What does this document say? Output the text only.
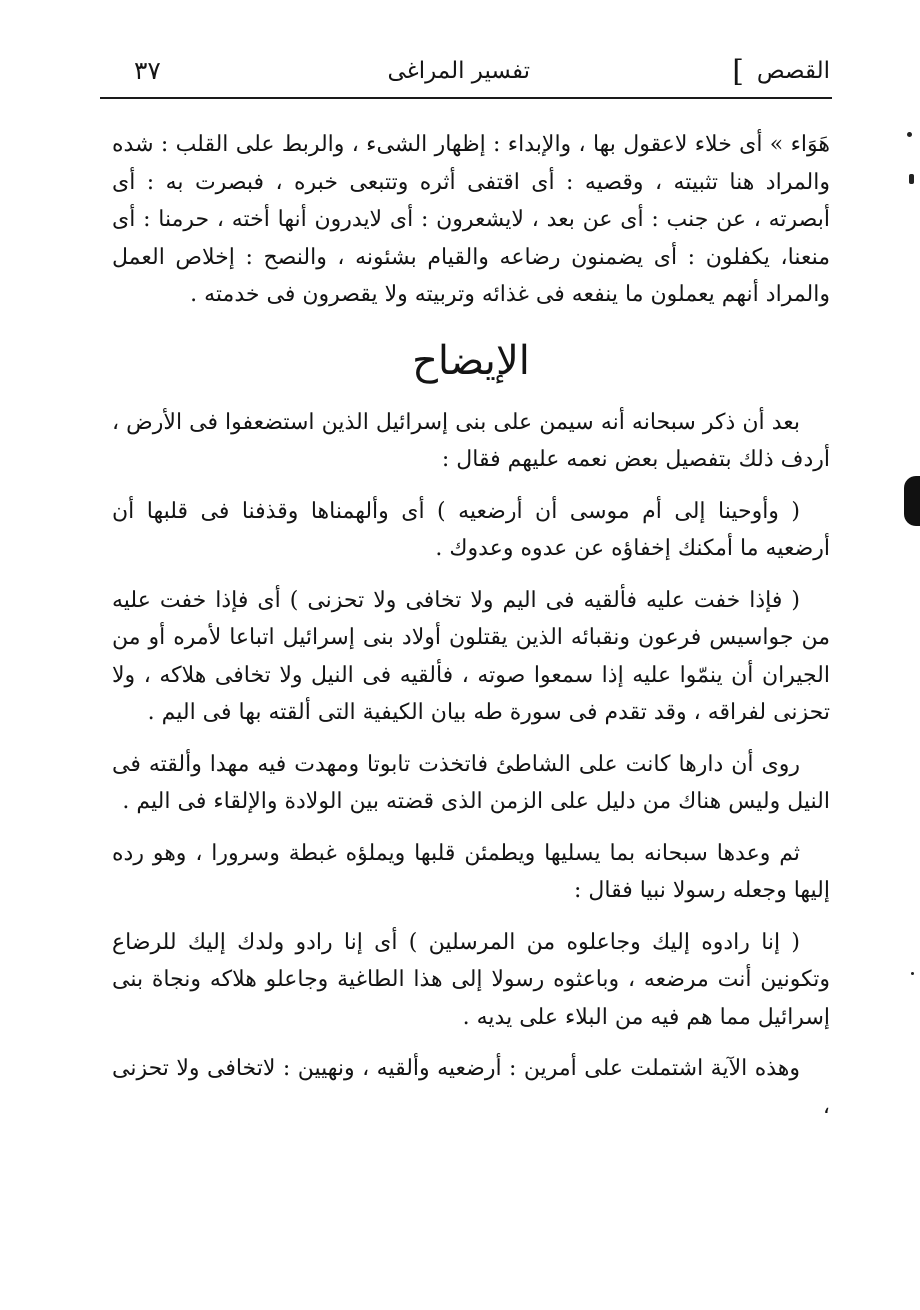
القصص
]
تفسير المراغى
٣٧

هَوَاء » أى خلاء لاعقول بها ، والإبداء : إظهار الشىء ، والربط على القلب : شده والمراد هنا تثبيته ، وقصيه : أى اقتفى أثره وتتبعى خبره ، فبصرت به : أى أبصرته ، عن جنب : أى عن بعد ، لايشعرون : أى لايدرون أنها أخته ، حرمنا : أى منعنا، يكفلون : أى يضمنون رضاعه والقيام بشئونه ، والنصح : إخلاص العمل والمراد أنهم يعملون ما ينفعه فى غذائه وتربيته ولا يقصرون فى خدمته .

الإيضاح

بعد أن ذكر سبحانه أنه سيمن على بنى إسرائيل الذين استضعفوا فى الأرض ، أردف ذلك بتفصيل بعض نعمه عليهم فقال :

( وأوحينا إلى أم موسى أن أرضعيه ) أى وألهمناها وقذفنا فى قلبها أن أرضعيه ما أمكنك إخفاؤه عن عدوه وعدوك .

( فإذا خفت عليه فألقيه فى اليم ولا تخافى ولا تحزنى ) أى فإذا خفت عليه من جواسيس فرعون ونقبائه الذين يقتلون أولاد بنى إسرائيل اتباعا لأمره أو من الجيران أن ينمّوا عليه إذا سمعوا صوته ، فألقيه فى النيل ولا تخافى هلاكه ، ولا تحزنى لفراقه ، وقد تقدم فى سورة طه بيان الكيفية التى ألقته بها فى اليم .

روى أن دارها كانت على الشاطئ فاتخذت تابوتا ومهدت فيه مهدا وألقته فى النيل وليس هناك من دليل على الزمن الذى قضته بين الولادة والإلقاء فى اليم .

ثم وعدها سبحانه بما يسليها ويطمئن قلبها ويملؤه غبطة وسرورا ، وهو رده إليها وجعله رسولا نبيا فقال :

( إنا رادوه إليك وجاعلوه من المرسلين ) أى إنا رادو ولدك إليك للرضاع وتكونين أنت مرضعه ، وباعثوه رسولا إلى هذا الطاغية وجاعلو هلاكه ونجاة بنى إسرائيل مما هم فيه من البلاء على يديه .

وهذه الآية اشتملت على أمرين : أرضعيه وألقيه ، ونهيين : لاتخافى ولا تحزنى ،
